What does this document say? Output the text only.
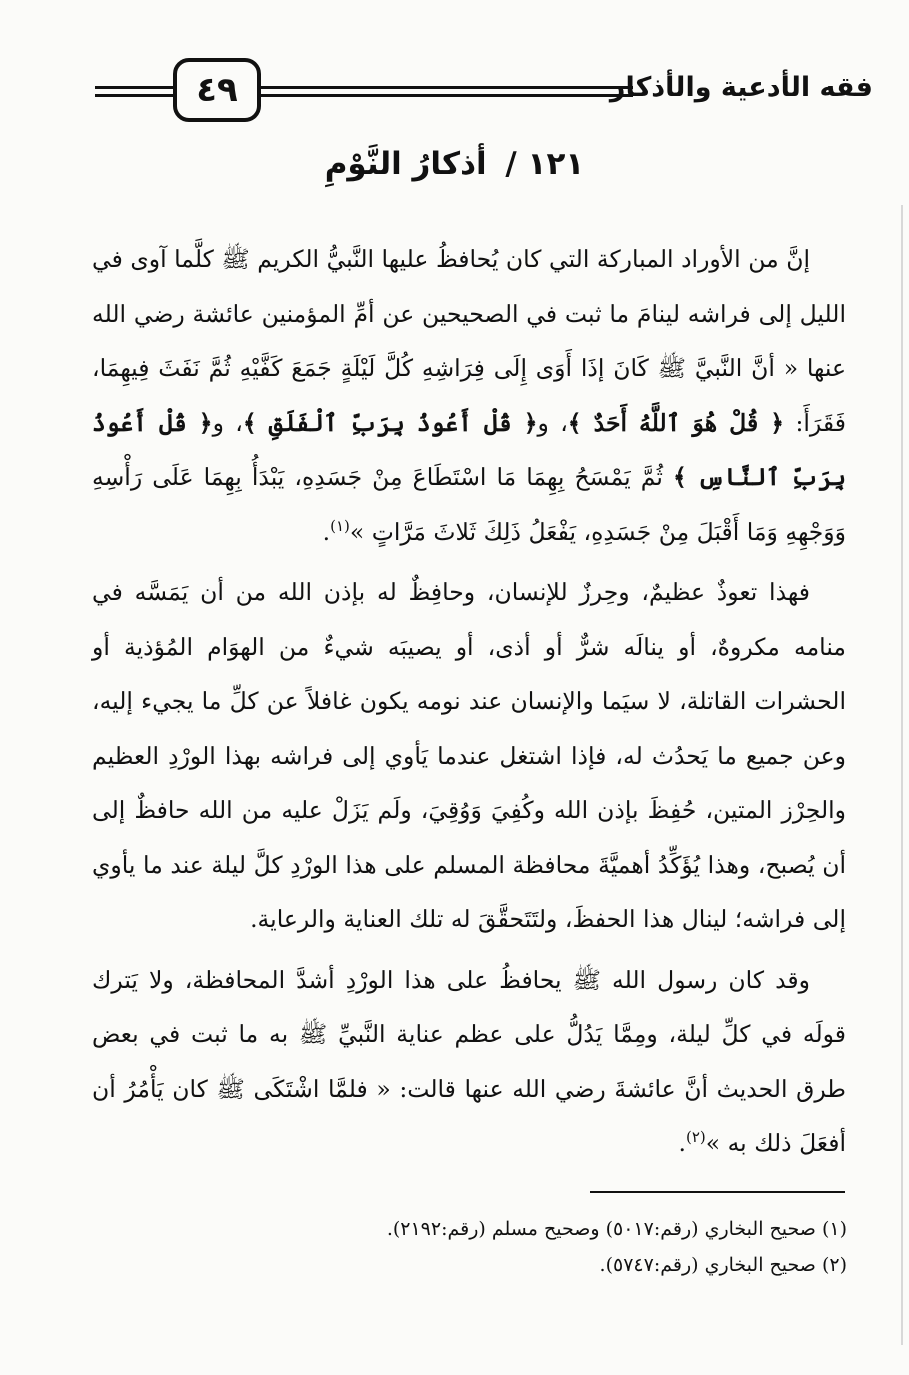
٤٩	فقه الأدعية والأذكار
١٢١ / أذكارُ النَّوْمِ

إنَّ من الأوراد المباركة التي كان يُحافظُ عليها النَّبيُّ الكريم ﷺ كلَّما آوى في الليل إلى فراشه لينامَ ما ثبت في الصحيحين عن أمِّ المؤمنين عائشة رضي الله عنها « أنَّ النَّبيَّ ﷺ كَانَ إذَا أَوَى إِلَى فِرَاشِهِ كُلَّ لَيْلَةٍ جَمَعَ كَفَّيْهِ ثُمَّ نَفَثَ فِيهِمَا، فَقَرَأَ: ﴿ قُلْ هُوَ ٱللَّهُ أَحَدٌ ﴾، و﴿ قُلْ أَعُوذُ بِرَبِّ ٱلْفَلَقِ ﴾، و﴿ قُلْ أَعُوذُ بِرَبِّ ٱلنَّاسِ ﴾ ثُمَّ يَمْسَحُ بِهِمَا مَا اسْتَطَاعَ مِنْ جَسَدِهِ، يَبْدَأُ بِهِمَا عَلَى رَأْسِهِ وَوَجْهِهِ وَمَا أَقْبَلَ مِنْ جَسَدِهِ، يَفْعَلُ ذَلِكَ ثَلاثَ مَرَّاتٍ »$^{(١)}$.

فهذا تعوذٌ عظيمٌ، وحِرزٌ للإنسان، وحافِظٌ له بإذن الله من أن يَمَسَّه في منامه مكروهٌ، أو ينالَه شرٌّ أو أذى، أو يصيبَه شيءٌ من الهوَام المُؤذية أو الحشرات القاتلة، لا سيَما والإنسان عند نومه يكون غافلاً عن كلِّ ما يجيء إليه، وعن جميع ما يَحدُث له، فإذا اشتغل عندما يَأوي إلى فراشه بهذا الورْدِ العظيم والحِرْز المتين، حُفِظَ بإذن الله وكُفِيَ وَوُقِيَ، ولَم يَزَلْ عليه من الله حافظٌ إلى أن يُصبح، وهذا يُؤَكِّدُ أهميَّةَ محافظة المسلم على هذا الورْدِ كلَّ ليلة عند ما يأوي إلى فراشه؛ لينال هذا الحفظَ، ولتَتَحقَّقَ له تلك العناية والرعاية.

وقد كان رسول الله ﷺ يحافظُ على هذا الورْدِ أشدَّ المحافظة، ولا يَترك قولَه في كلِّ ليلة، ومِمَّا يَدُلُّ على عظم عناية النَّبيِّ ﷺ به ما ثبت في بعض طرق الحديث أنَّ عائشةَ رضي الله عنها قالت: « فلمَّا اشْتَكَى ﷺ كان يَأْمُرُ أن أفعَلَ ذلك به »$^{(٢)}$.

(١) صحيح البخاري (رقم:٥٠١٧) وصحيح مسلم (رقم:٢١٩٢).
(٢) صحيح البخاري (رقم:٥٧٤٧).
